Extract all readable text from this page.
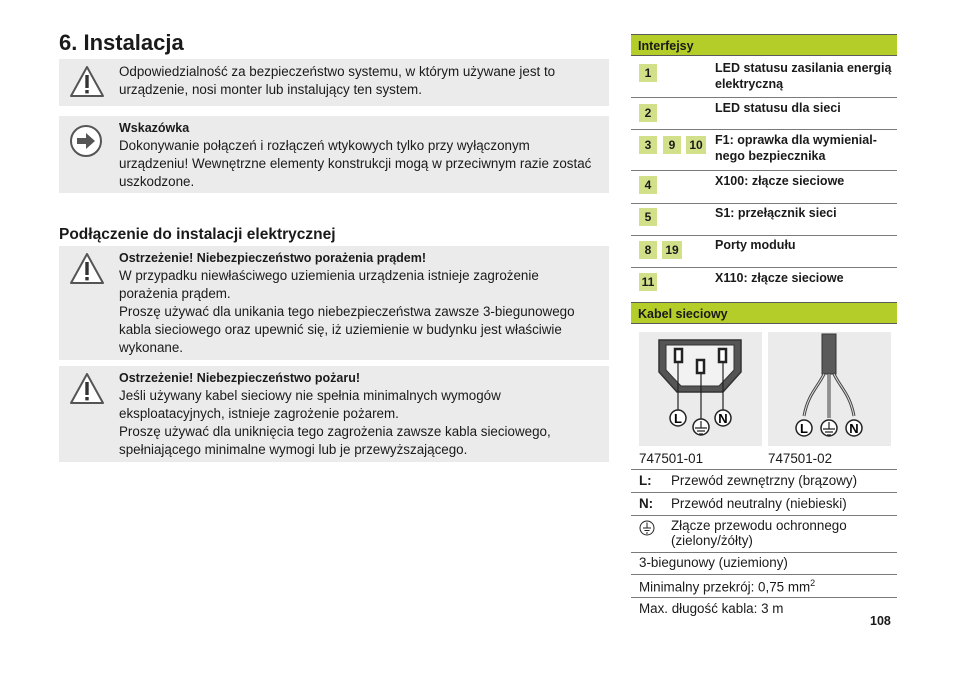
6. Instalacja

Odpowiedzialność za bezpieczeństwo systemu, w którym używane jest to urządzenie, nosi monter lub instalujący ten system.

Wskazówka

Dokonywanie połączeń i rozłączeń wtykowych tylko przy wyłączonym urządzeniu! Wewnętrzne elementy konstrukcji mogą w przeciwnym razie zostać uszkodzone.

Podłączenie do instalacji elektrycznej

Ostrzeżenie! Niebezpieczeństwo porażenia prądem!

W przypadku niewłaściwego uziemienia urządzenia istnieje zagrożenie porażenia prądem.

Proszę używać dla unikania tego niebezpieczeństwa zawsze 3-biegunowego kabla sieciowego oraz upewnić się, iż uziemienie w budynku jest właściwie wykonane.

Ostrzeżenie! Niebezpieczeństwo pożaru!

Jeśli używany kabel sieciowy nie spełnia minimalnych wymogów eksploatacyjnych, istnieje zagrożenie pożarem.

Proszę używać dla uniknięcia tego zagrożenia zawsze kabla sieciowego, spełniającego minimalne wymogi lub je przewyższającego.

Interfejsy
1	LED statusu zasilania energią elektryczną
2	LED statusu dla sieci
3	9	10 F1: oprawka dla wymienial-nego bezpiecznika
4	X100: złącze sieciowe
5	S1: przełącznik sieci
8	19	Porty modułu
11	X110: złącze sieciowe
Kabel sieciowy
L	N
L	N
747501-01	747501-02
L: Przewód zewnętrzny (brązowy)
N: Przewód neutralny (niebieski)
Złącze przewodu ochronnego (zielony/żółty)
3-biegunowy (uziemiony)
Minimalny przekrój: 0,75 $mm^2$
Max. długość kabla: 3 m
108
